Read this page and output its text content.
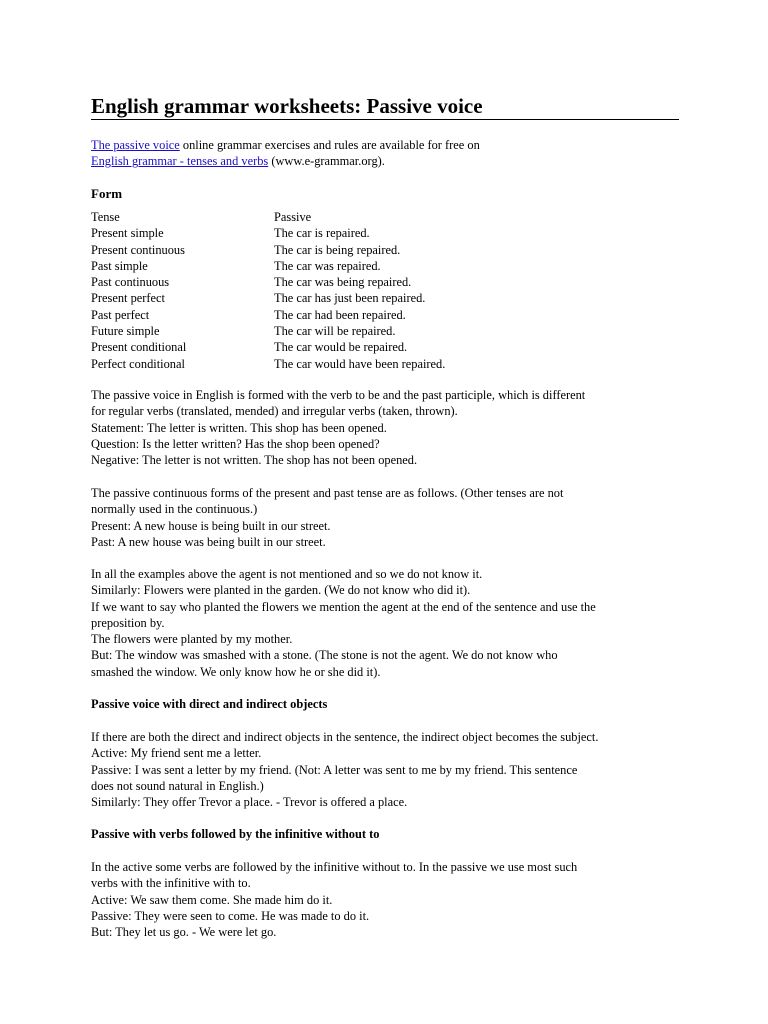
English grammar worksheets: Passive voice

The passive voice online grammar exercises and rules are available for free on

English grammar - tenses and verbs (www.e-grammar.org).

Form
Tense	Passive
Present simple	The car is repaired.
Present continuous	The car is being repaired.
Past simple	The car was repaired.
Past continuous	The car was being repaired.
Present perfect	The car has just been repaired.
Past perfect	The car had been repaired.
Future simple	The car will be repaired.
Present conditional	The car would be repaired.
Perfect conditional	The car would have been repaired.

The passive voice in English is formed with the verb to be and the past participle, which is different

for regular verbs (translated, mended) and irregular verbs (taken, thrown).

Statement: The letter is written. This shop has been opened.

Question: Is the letter written? Has the shop been opened?

Negative: The letter is not written. The shop has not been opened.

The passive continuous forms of the present and past tense are as follows. (Other tenses are not

normally used in the continuous.)

Present: A new house is being built in our street.

Past: A new house was being built in our street.

In all the examples above the agent is not mentioned and so we do not know it.

Similarly: Flowers were planted in the garden. (We do not know who did it).

If we want to say who planted the flowers we mention the agent at the end of the sentence and use the

preposition by.

The flowers were planted by my mother.

But: The window was smashed with a stone. (The stone is not the agent. We do not know who

smashed the window. We only know how he or she did it).

Passive voice with direct and indirect objects

If there are both the direct and indirect objects in the sentence, the indirect object becomes the subject.

Active: My friend sent me a letter.

Passive: I was sent a letter by my friend. (Not: A letter was sent to me by my friend. This sentence

does not sound natural in English.)

Similarly: They offer Trevor a place. - Trevor is offered a place.

Passive with verbs followed by the infinitive without to

In the active some verbs are followed by the infinitive without to. In the passive we use most such

verbs with the infinitive with to.

Active: We saw them come. She made him do it.

Passive: They were seen to come. He was made to do it.

But: They let us go. - We were let go.
